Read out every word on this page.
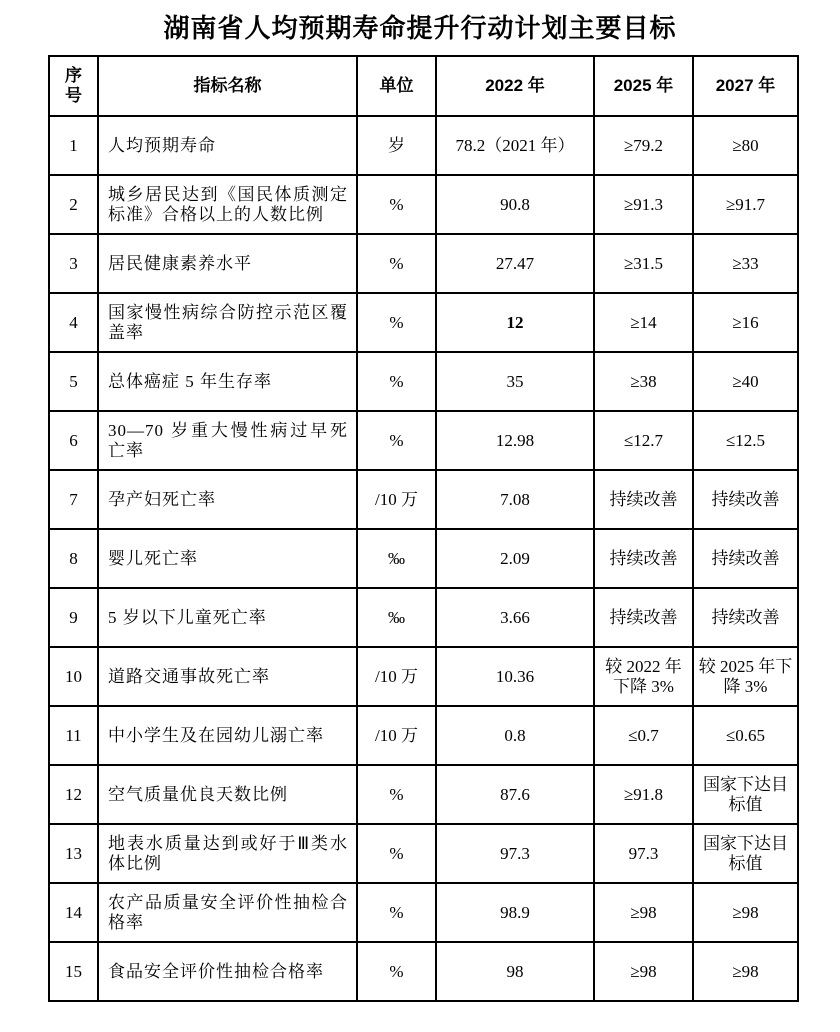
湖南省人均预期寿命提升行动计划主要目标
序号	指标名称	单位	2022 年	2025 年	2027 年
1	人均预期寿命	岁	78.2（2021 年）	≥79.2	≥80
2	城乡居民达到《国民体质测定标准》合格以上的人数比例	%	90.8	≥91.3	≥91.7
3	居民健康素养水平	%	27.47	≥31.5	≥33
4	国家慢性病综合防控示范区覆盖率	%	12	≥14	≥16
5	总体癌症 5 年生存率	%	35	≥38	≥40
6	30—70 岁重大慢性病过早死亡率	%	12.98	≤12.7	≤12.5
7	孕产妇死亡率	/10 万	7.08	持续改善	持续改善
8	婴儿死亡率	‰	2.09	持续改善	持续改善
9	5 岁以下儿童死亡率	‰	3.66	持续改善	持续改善
10	道路交通事故死亡率	/10 万	10.36	较 2022 年下降 3%	较 2025 年下降 3%
11	中小学生及在园幼儿溺亡率	/10 万	0.8	≤0.7	≤0.65
12	空气质量优良天数比例	%	87.6	≥91.8	国家下达目标值
13	地表水质量达到或好于Ⅲ类水体比例	%	97.3	97.3	国家下达目标值
14	农产品质量安全评价性抽检合格率	%	98.9	≥98	≥98
15	食品安全评价性抽检合格率	%	98	≥98	≥98
